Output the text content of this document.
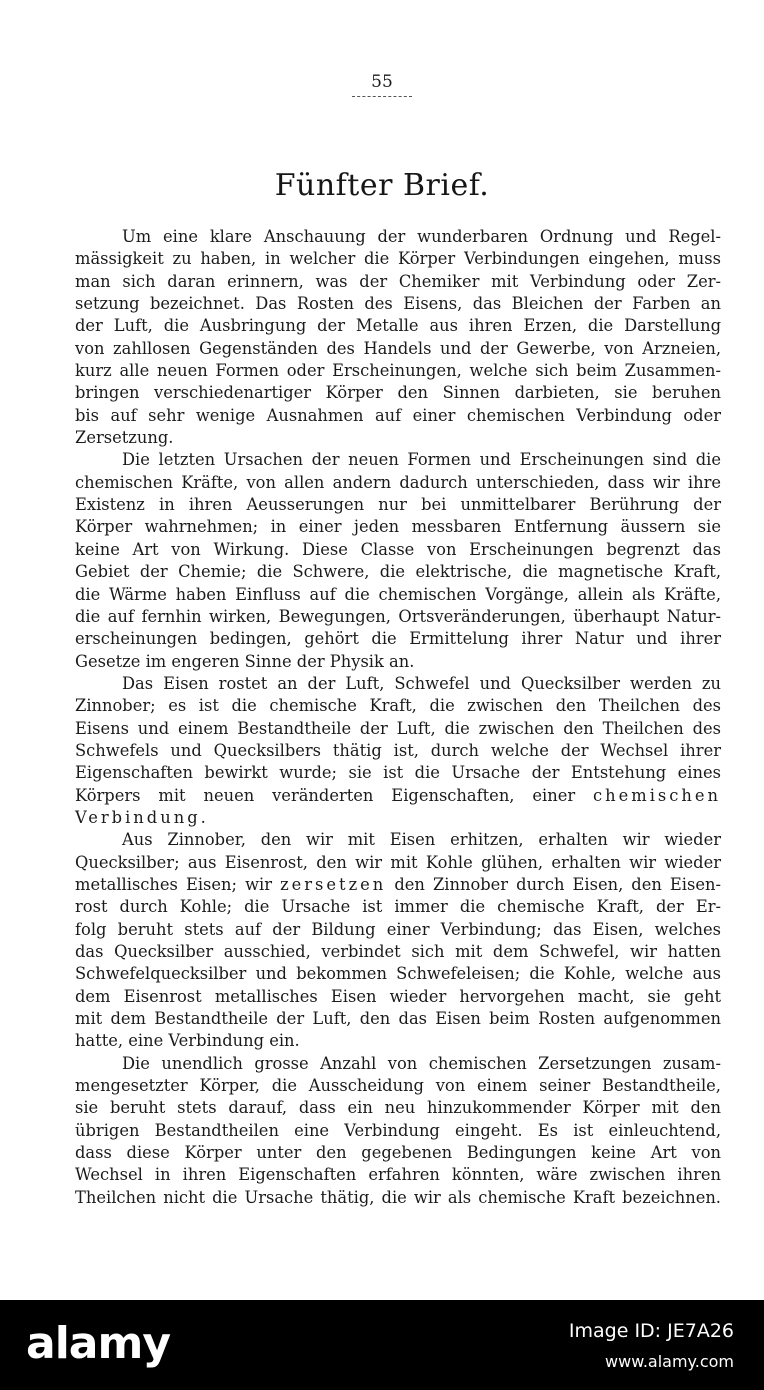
55
Fünfter Brief.
Um eine klare Anschauung der wunderbaren Ordnung und Regel-
mässigkeit zu haben, in welcher die Körper Verbindungen eingehen, muss
man sich daran erinnern, was der Chemiker mit Verbindung oder Zer-
setzung bezeichnet. Das Rosten des Eisens, das Bleichen der Farben an
der Luft, die Ausbringung der Metalle aus ihren Erzen, die Darstellung
von zahllosen Gegenständen des Handels und der Gewerbe, von Arzneien,
kurz alle neuen Formen oder Erscheinungen, welche sich beim Zusammen-
bringen verschiedenartiger Körper den Sinnen darbieten, sie beruhen
bis auf sehr wenige Ausnahmen auf einer chemischen Verbindung oder
Zersetzung.
Die letzten Ursachen der neuen Formen und Erscheinungen sind die
chemischen Kräfte, von allen andern dadurch unterschieden, dass wir ihre
Existenz in ihren Aeusserungen nur bei unmittelbarer Berührung der
Körper wahrnehmen; in einer jeden messbaren Entfernung äussern sie
keine Art von Wirkung. Diese Classe von Erscheinungen begrenzt das
Gebiet der Chemie; die Schwere, die elektrische, die magnetische Kraft,
die Wärme haben Einfluss auf die chemischen Vorgänge, allein als Kräfte,
die auf fernhin wirken, Bewegungen, Ortsveränderungen, überhaupt Natur-
erscheinungen bedingen, gehört die Ermittelung ihrer Natur und ihrer
Gesetze im engeren Sinne der Physik an.
Das Eisen rostet an der Luft, Schwefel und Quecksilber werden zu
Zinnober; es ist die chemische Kraft, die zwischen den Theilchen des
Eisens und einem Bestandtheile der Luft, die zwischen den Theilchen des
Schwefels und Quecksilbers thätig ist, durch welche der Wechsel ihrer
Eigenschaften bewirkt wurde; sie ist die Ursache der Entstehung eines
Körpers mit neuen veränderten Eigenschaften, einer chemischen
Verbindung.
Aus Zinnober, den wir mit Eisen erhitzen, erhalten wir wieder
Quecksilber; aus Eisenrost, den wir mit Kohle glühen, erhalten wir wieder
metallisches Eisen; wir zersetzen den Zinnober durch Eisen, den Eisen-
rost durch Kohle; die Ursache ist immer die chemische Kraft, der Er-
folg beruht stets auf der Bildung einer Verbindung; das Eisen, welches
das Quecksilber ausschied, verbindet sich mit dem Schwefel, wir hatten
Schwefelquecksilber und bekommen Schwefeleisen; die Kohle, welche aus
dem Eisenrost metallisches Eisen wieder hervorgehen macht, sie geht
mit dem Bestandtheile der Luft, den das Eisen beim Rosten aufgenommen
hatte, eine Verbindung ein.
Die unendlich grosse Anzahl von chemischen Zersetzungen zusam-
mengesetzter Körper, die Ausscheidung von einem seiner Bestandtheile,
sie beruht stets darauf, dass ein neu hinzukommender Körper mit den
übrigen Bestandtheilen eine Verbindung eingeht. Es ist einleuchtend,
dass diese Körper unter den gegebenen Bedingungen keine Art von
Wechsel in ihren Eigenschaften erfahren könnten, wäre zwischen ihren
Theilchen nicht die Ursache thätig, die wir als chemische Kraft bezeichnen.
alamy	Image ID: JE7A26
www.alamy.com
